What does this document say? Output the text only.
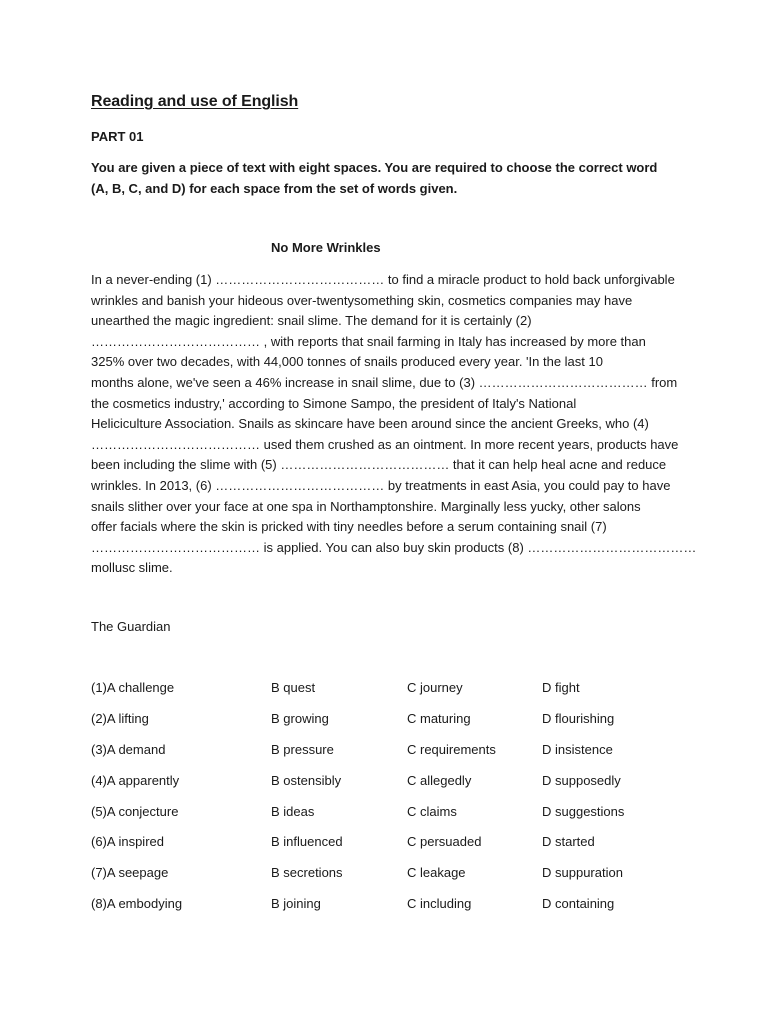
Reading and use of English
PART 01
You are given a piece of text with eight spaces. You are required to choose the correct word
(A, B, C, and D) for each space from the set of words given.
No More Wrinkles
In a never-ending (1) ………………………………… to find a miracle product to hold back unforgivable
wrinkles and banish your hideous over-twentysomething skin, cosmetics companies may have
unearthed the magic ingredient: snail slime. The demand for it is certainly (2)
………………………………… , with reports that snail farming in Italy has increased by more than
325% over two decades, with 44,000 tonnes of snails produced every year. 'In the last 10
months alone, we've seen a 46% increase in snail slime, due to (3) ………………………………… from
the cosmetics industry,' according to Simone Sampo, the president of Italy's National
Heliciculture Association. Snails as skincare have been around since the ancient Greeks, who (4)
………………………………… used them crushed as an ointment. In more recent years, products have
been including the slime with (5) ………………………………… that it can help heal acne and reduce
wrinkles. In 2013, (6) ………………………………… by treatments in east Asia, you could pay to have
snails slither over your face at one spa in Northamptonshire. Marginally less yucky, other salons
offer facials where the skin is pricked with tiny needles before a serum containing snail (7)
………………………………… is applied. You can also buy skin products (8) …………………………………
mollusc slime.
The Guardian
(1)A challenge	B quest	C journey	D fight
(2)A lifting	B growing	C maturing	D flourishing
(3)A demand	B pressure	C requirements	D insistence
(4)A apparently	B ostensibly	C allegedly	D supposedly
(5)A conjecture	B ideas	C claims	D suggestions
(6)A inspired	B influenced	C persuaded	D started
(7)A seepage	B secretions	C leakage	D suppuration
(8)A embodying	B joining	C including	D containing
